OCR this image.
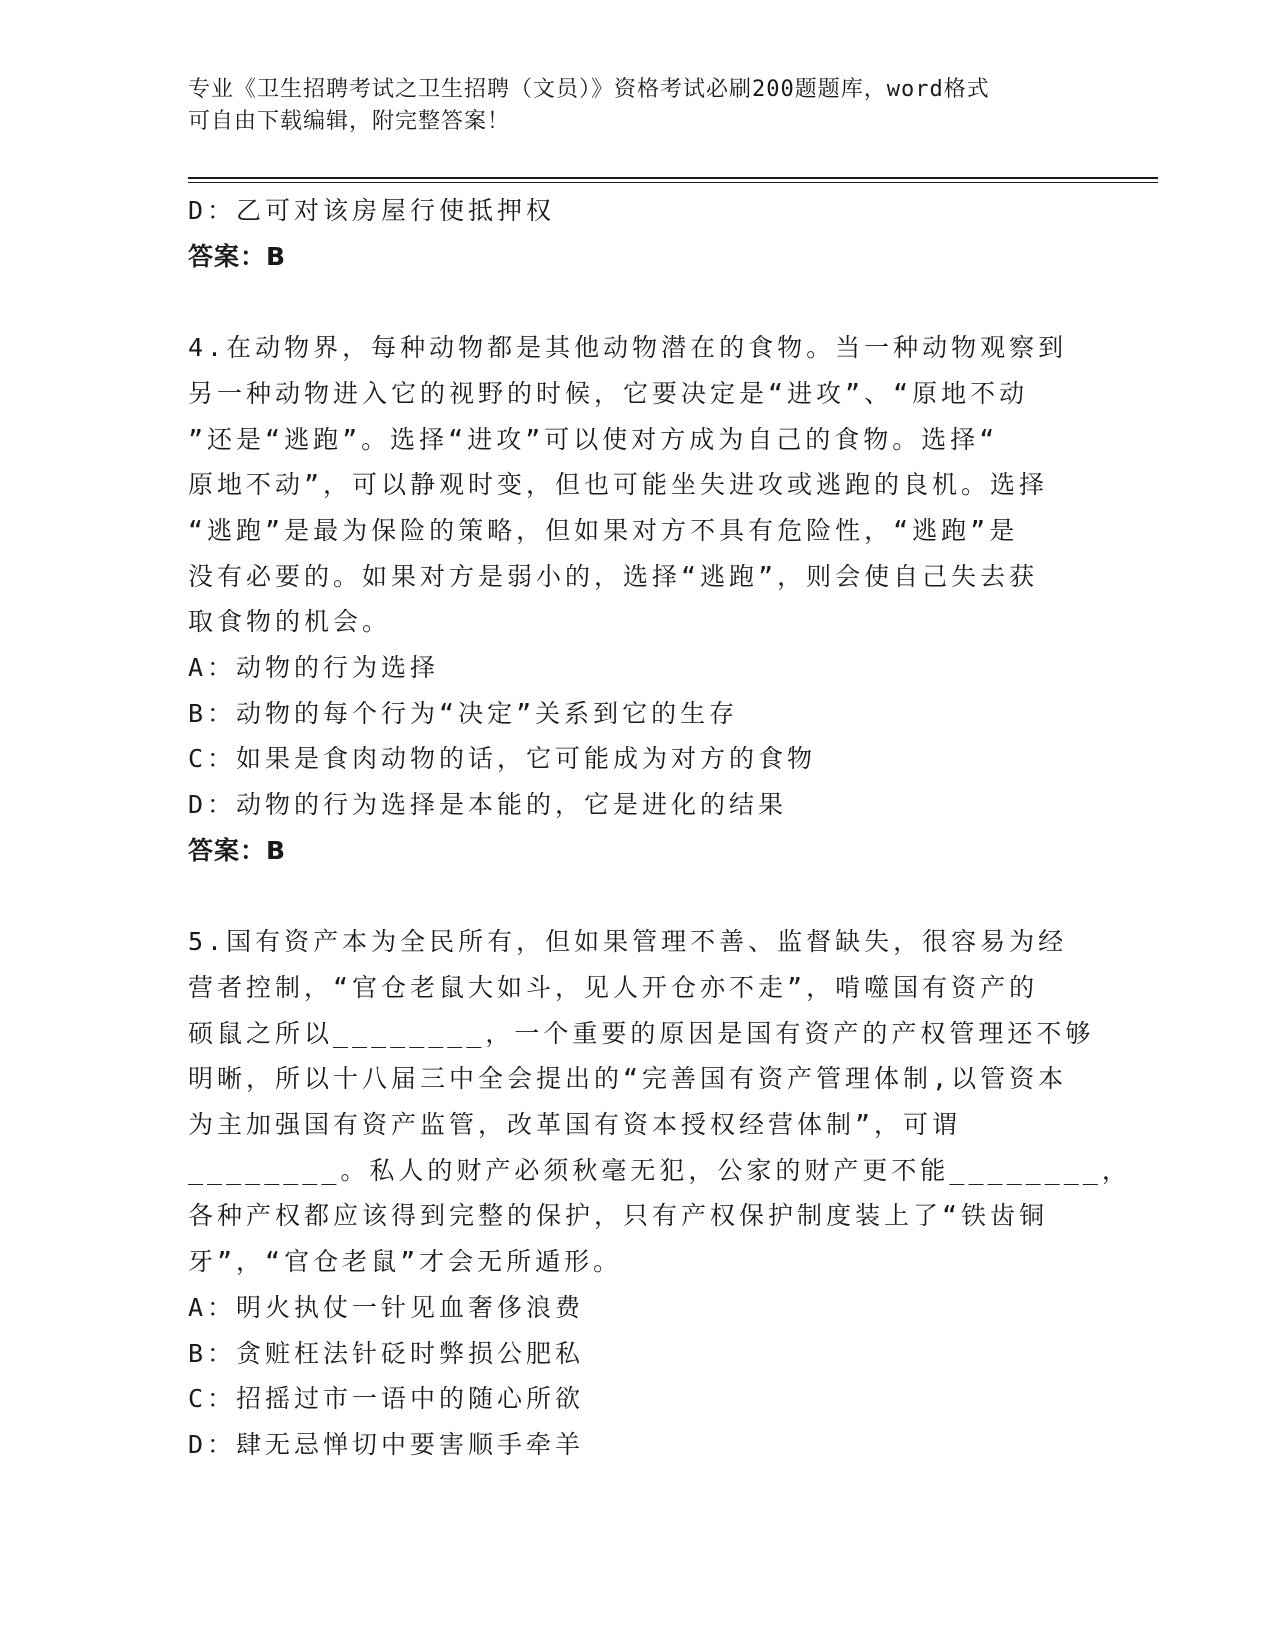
专业《卫生招聘考试之卫生招聘（文员）》资格考试必刷200题题库，word格式
可自由下载编辑，附完整答案！
D：乙可对该房屋行使抵押权
答案：B
4.在动物界，每种动物都是其他动物潜在的食物。当一种动物观察到
另一种动物进入它的视野的时候，它要决定是“进攻”、“原地不动
”还是“逃跑”。选择“进攻”可以使对方成为自己的食物。选择“
原地不动”，可以静观时变，但也可能坐失进攻或逃跑的良机。选择
“逃跑”是最为保险的策略，但如果对方不具有危险性，“逃跑”是
没有必要的。如果对方是弱小的，选择“逃跑”，则会使自己失去获
取食物的机会。
A：动物的行为选择
B：动物的每个行为“决定”关系到它的生存
C：如果是食肉动物的话，它可能成为对方的食物
D：动物的行为选择是本能的，它是进化的结果
答案：B
5.国有资产本为全民所有，但如果管理不善、监督缺失，很容易为经
营者控制，“官仓老鼠大如斗，见人开仓亦不走”，啃噬国有资产的
硕鼠之所以________，一个重要的原因是国有资产的产权管理还不够
明晰，所以十八届三中全会提出的“完善国有资产管理体制,以管资本
为主加强国有资产监管，改革国有资本授权经营体制”，可谓
________。私人的财产必须秋毫无犯，公家的财产更不能________，
各种产权都应该得到完整的保护，只有产权保护制度装上了“铁齿铜
牙”，“官仓老鼠”才会无所遁形。
A：明火执仗一针见血奢侈浪费
B：贪赃枉法针砭时弊损公肥私
C：招摇过市一语中的随心所欲
D：肆无忌惮切中要害顺手牵羊
